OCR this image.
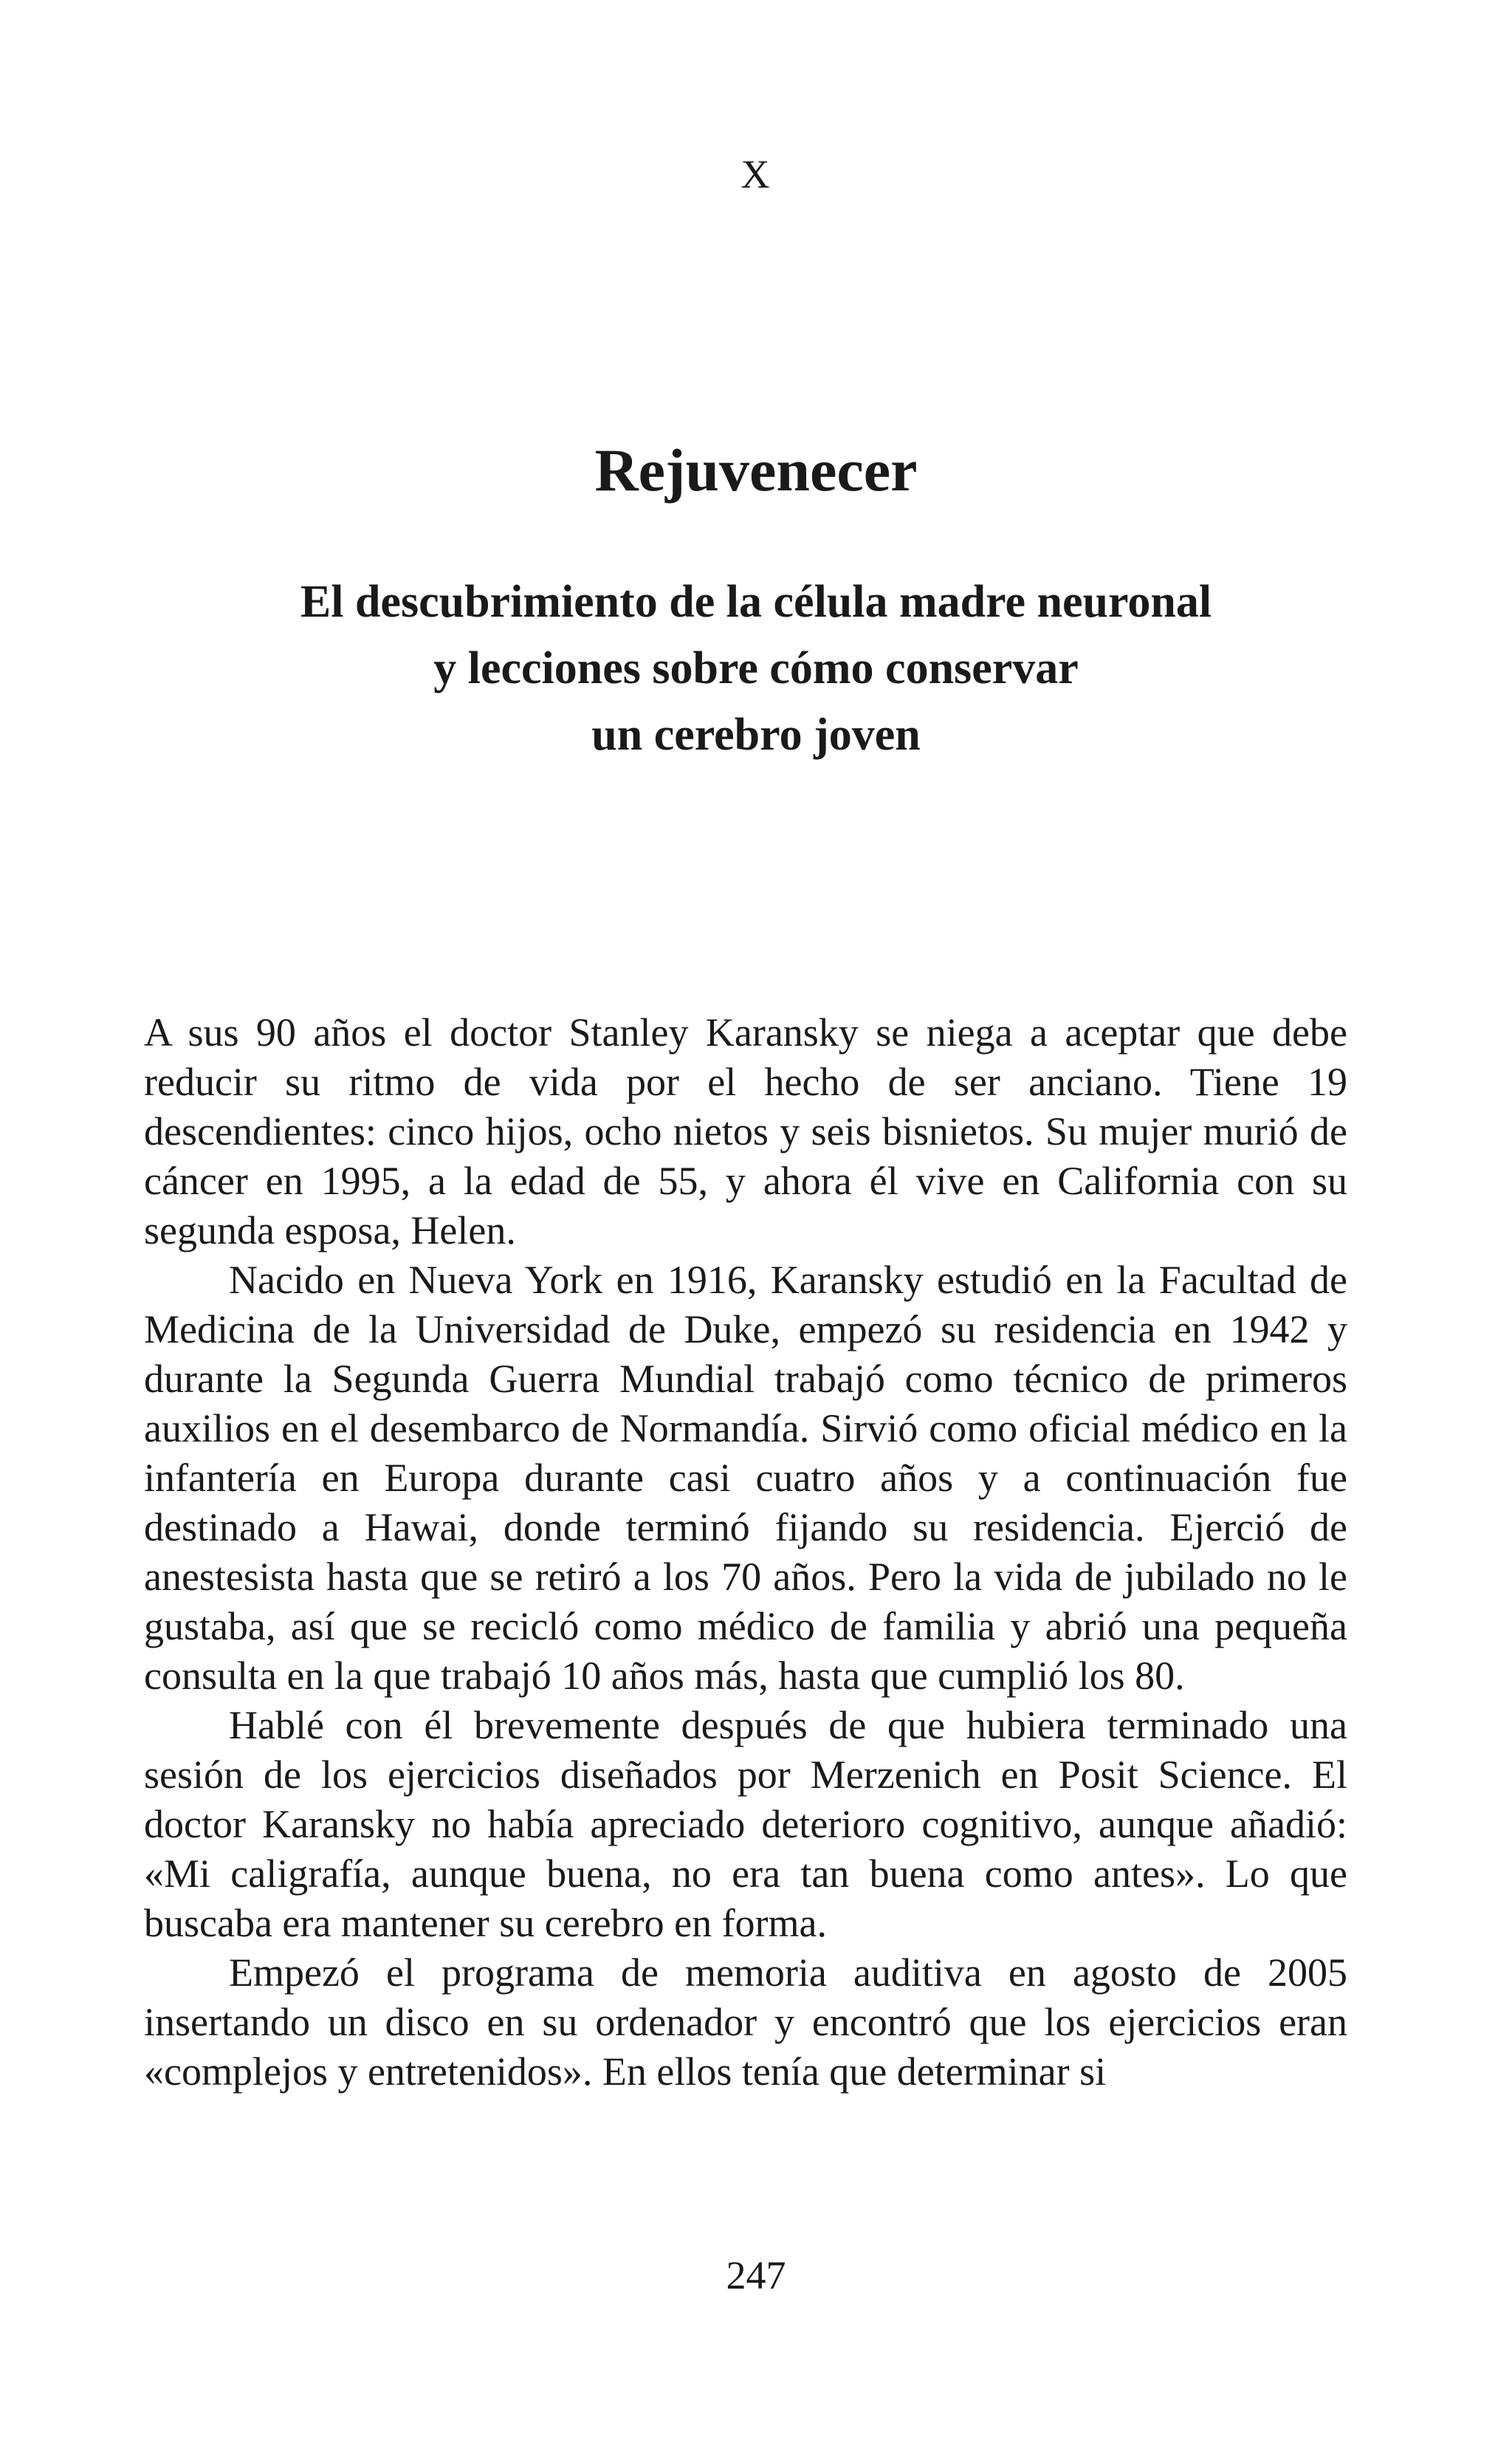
X
Rejuvenecer
El descubrimiento de la célula madre neuronal
y lecciones sobre cómo conservar
un cerebro joven

A sus 90 años el doctor Stanley Karansky se niega a aceptar que debe reducir su ritmo de vida por el hecho de ser anciano. Tiene 19 descendientes: cinco hijos, ocho nietos y seis bisnietos. Su mujer murió de cáncer en 1995, a la edad de 55, y ahora él vive en California con su segunda esposa, Helen.

Nacido en Nueva York en 1916, Karansky estudió en la Facultad de Medicina de la Universidad de Duke, empezó su residencia en 1942 y durante la Segunda Guerra Mundial trabajó como técnico de primeros auxilios en el desembarco de Normandía. Sirvió como oficial médico en la infantería en Europa durante casi cuatro años y a continuación fue destinado a Hawai, donde terminó fijando su residencia. Ejerció de anestesista hasta que se retiró a los 70 años. Pero la vida de jubilado no le gustaba, así que se recicló como médico de familia y abrió una pequeña consulta en la que trabajó 10 años más, hasta que cumplió los 80.

Hablé con él brevemente después de que hubiera terminado una sesión de los ejercicios diseñados por Merzenich en Posit Science. El doctor Karansky no había apreciado deterioro cognitivo, aunque añadió: «Mi caligrafía, aunque buena, no era tan buena como antes». Lo que buscaba era mantener su cerebro en forma.

Empezó el programa de memoria auditiva en agosto de 2005 insertando un disco en su ordenador y encontró que los ejercicios eran «complejos y entretenidos». En ellos tenía que determinar si

247
